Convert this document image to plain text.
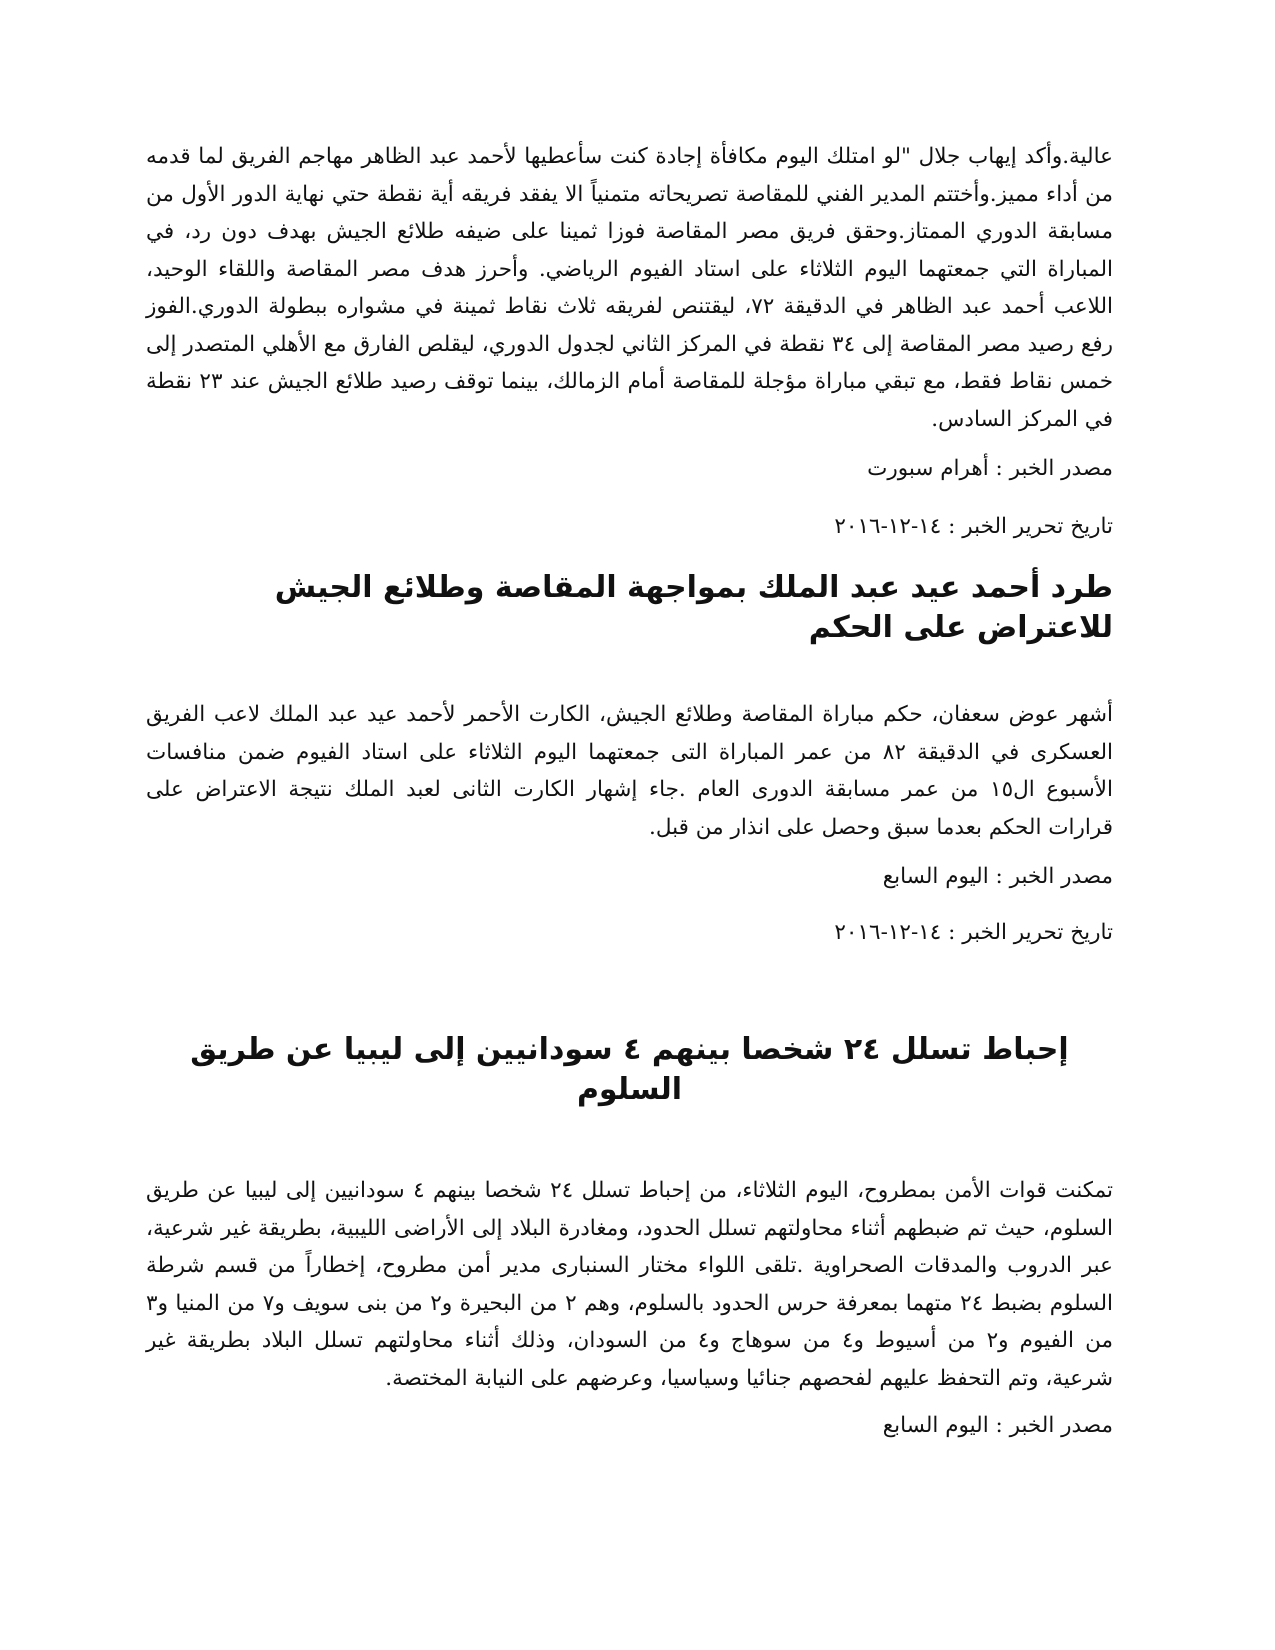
عالية.وأكد إيهاب جلال "لو امتلك اليوم مكافأة إجادة كنت سأعطيها لأحمد عبد الظاهر مهاجم الفريق لما قدمه من أداء مميز.وأختتم المدير الفني للمقاصة تصريحاته متمنياً الا يفقد فريقه أية نقطة حتي نهاية الدور الأول من مسابقة الدوري الممتاز.وحقق فريق مصر المقاصة فوزا ثمينا على ضيفه طلائع الجيش بهدف دون رد، في المباراة التي جمعتهما اليوم الثلاثاء على استاد الفيوم الرياضي. وأحرز هدف مصر المقاصة واللقاء الوحيد، اللاعب أحمد عبد الظاهر في الدقيقة ٧٢، ليقتنص لفريقه ثلاث نقاط ثمينة في مشواره ببطولة الدوري.الفوز رفع رصيد مصر المقاصة إلى ٣٤ نقطة في المركز الثاني لجدول الدوري، ليقلص الفارق مع الأهلي المتصدر إلى خمس نقاط فقط، مع تبقي مباراة مؤجلة للمقاصة أمام الزمالك، بينما توقف رصيد طلائع الجيش عند ٢٣ نقطة في المركز السادس.

مصدر الخبر : أهرام سبورت

تاريخ تحرير الخبر : ١٤-١٢-٢٠١٦

طرد أحمد عيد عبد الملك بمواجهة المقاصة وطلائع الجيش للاعتراض على الحكم

أشهر عوض سعفان، حكم مباراة المقاصة وطلائع الجيش، الكارت الأحمر لأحمد عيد عبد الملك لاعب الفريق العسكرى في الدقيقة ٨٢ من عمر المباراة التى جمعتهما اليوم الثلاثاء على استاد الفيوم ضمن منافسات الأسبوع ال١٥ من عمر مسابقة الدورى العام .جاء إشهار الكارت الثانى لعبد الملك نتيجة الاعتراض على قرارات الحكم بعدما سبق وحصل على انذار من قبل.

مصدر الخبر : اليوم السابع

تاريخ تحرير الخبر : ١٤-١٢-٢٠١٦

إحباط تسلل ٢٤ شخصا بينهم ٤ سودانيين إلى ليبيا عن طريق السلوم

تمكنت قوات الأمن بمطروح، اليوم الثلاثاء، من إحباط تسلل ٢٤ شخصا بينهم ٤ سودانيين إلى ليبيا عن طريق السلوم، حيث تم ضبطهم أثناء محاولتهم تسلل الحدود، ومغادرة البلاد إلى الأراضى الليبية، بطريقة غير شرعية، عبر الدروب والمدقات الصحراوية .تلقى اللواء مختار السنبارى مدير أمن مطروح، إخطاراً من قسم شرطة السلوم بضبط ٢٤ متهما بمعرفة حرس الحدود بالسلوم، وهم ٢ من البحيرة و٢ من بنى سويف و٧ من المنيا و٣ من الفيوم و٢ من أسيوط و٤ من سوهاج و٤ من السودان، وذلك أثناء محاولتهم تسلل البلاد بطريقة غير شرعية، وتم التحفظ عليهم لفحصهم جنائيا وسياسيا، وعرضهم على النيابة المختصة.

مصدر الخبر : اليوم السابع
